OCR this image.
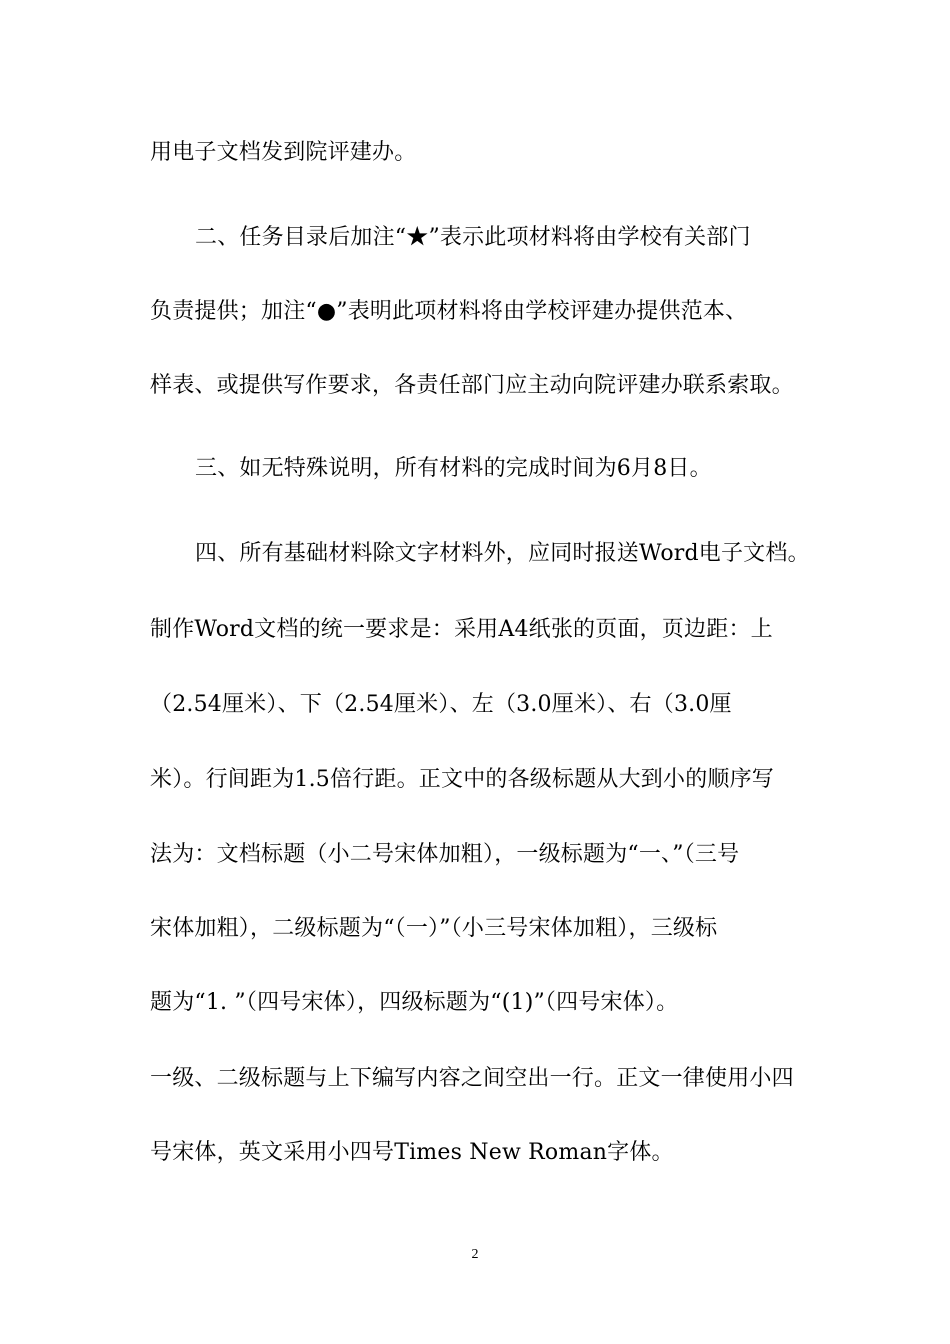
用电子文档发到院评建办。
二、任务目录后加注“★”表示此项材料将由学校有关部门
负责提供；加注“●”表明此项材料将由学校评建办提供范本、
样表、或提供写作要求，各责任部门应主动向院评建办联系索取。
三、如无特殊说明，所有材料的完成时间为6月8日。
四、所有基础材料除文字材料外，应同时报送Word电子文档。
制作Word文档的统一要求是：采用A4纸张的页面，页边距：上
（2.54厘米）、下（2.54厘米）、左（3.0厘米）、右（3.0厘
米）。行间距为1.5倍行距。正文中的各级标题从大到小的顺序写
法为：文档标题（小二号宋体加粗），一级标题为“一、”（三号
宋体加粗），二级标题为“（一）”（小三号宋体加粗），三级标
题为“1. ”（四号宋体），四级标题为“(1)”（四号宋体）。
一级、二级标题与上下编写内容之间空出一行。正文一律使用小四
号宋体，英文采用小四号Times New Roman字体。
2
